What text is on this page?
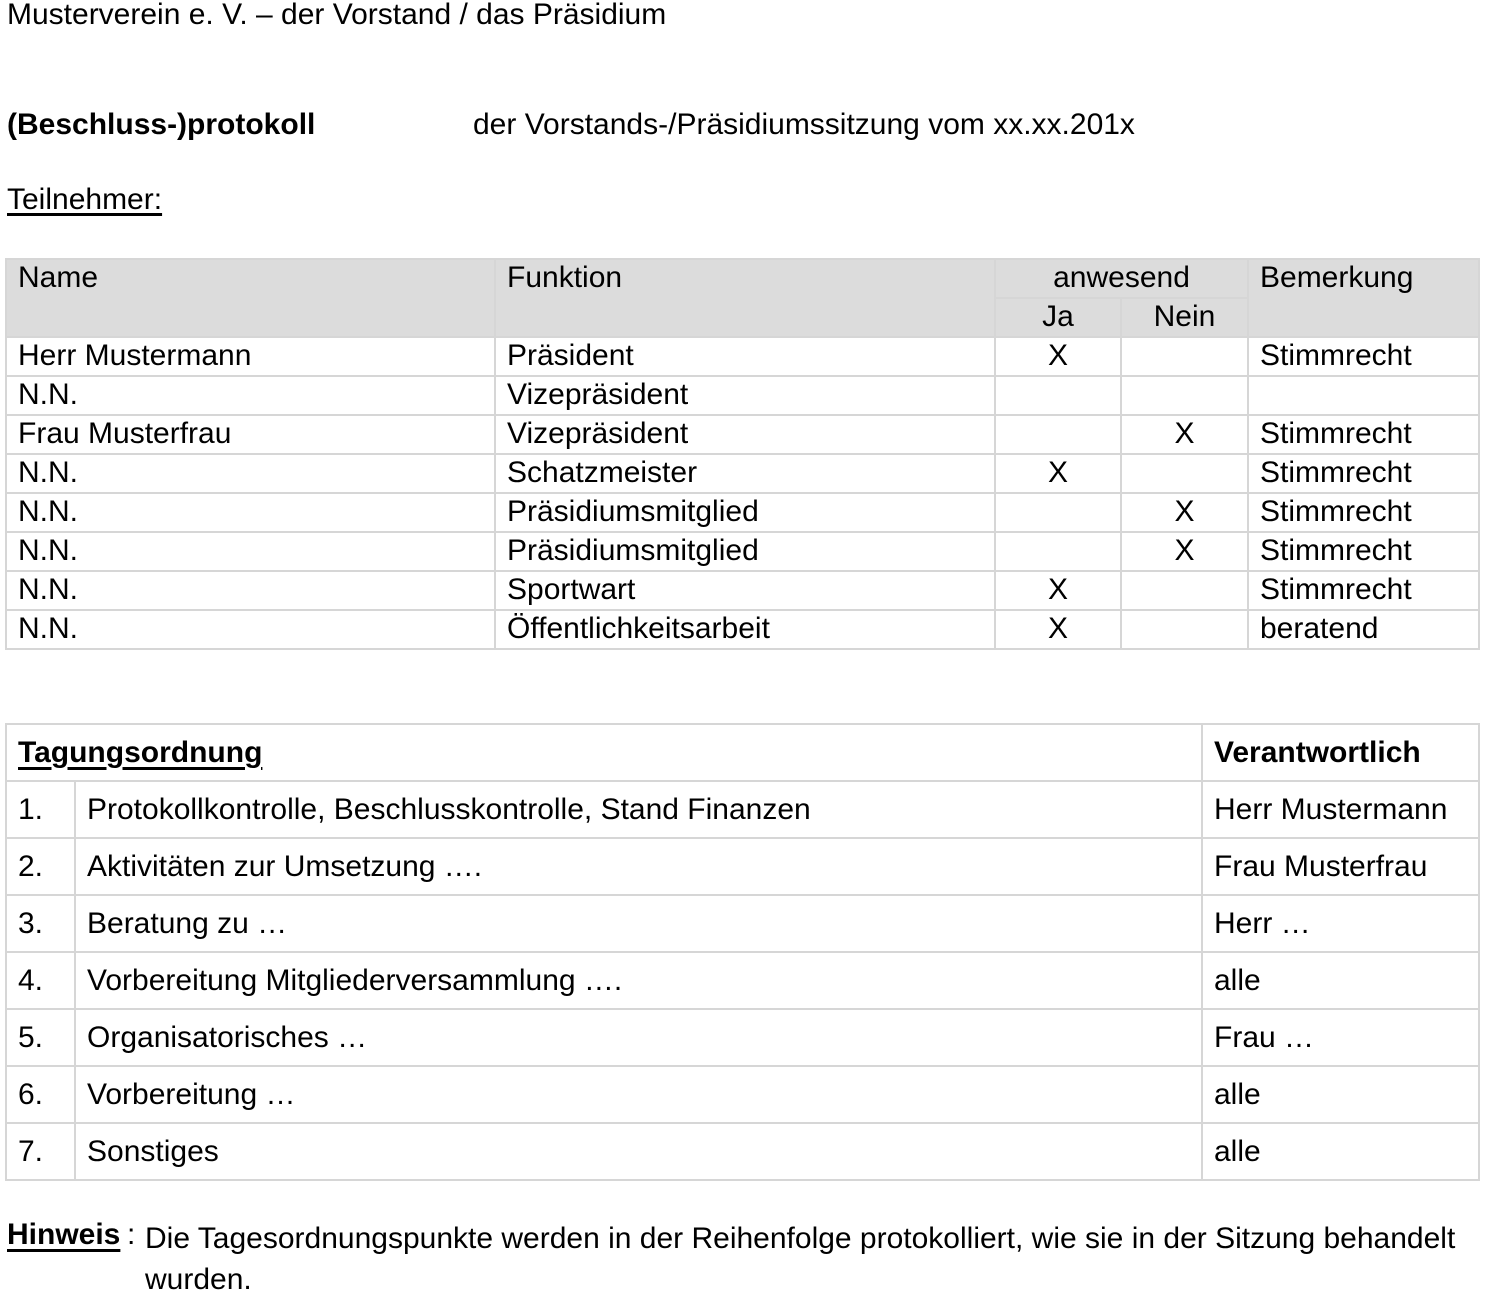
Musterverein e. V. – der Vorstand / das Präsidium
(Beschluss-)protokoll	der Vorstands-/Präsidiumssitzung vom xx.xx.201x
Teilnehmer:
Name	Funktion	anwesend		Bemerkung
		Ja	Nein	
Herr Mustermann	Präsident	X		Stimmrecht
N.N.	Vizepräsident			
Frau Musterfrau	Vizepräsident		X	Stimmrecht
N.N.	Schatzmeister	X		Stimmrecht
N.N.	Präsidiumsmitglied		X	Stimmrecht
N.N.	Präsidiumsmitglied		X	Stimmrecht
N.N.	Sportwart	X		Stimmrecht
N.N.	Öffentlichkeitsarbeit	X		beratend
Tagungsordnung		Verantwortlich
1.	Protokollkontrolle, Beschlusskontrolle, Stand Finanzen	Herr Mustermann
2.	Aktivitäten zur Umsetzung ….	Frau Musterfrau
3.	Beratung zu …	Herr …
4.	Vorbereitung Mitgliederversammlung ….	alle
5.	Organisatorisches …	Frau …
6.	Vorbereitung …	alle
7.	Sonstiges	alle
Hinweis : Die Tagesordnungspunkte werden in der Reihenfolge protokolliert, wie sie in der Sitzung behandelt wurden.
